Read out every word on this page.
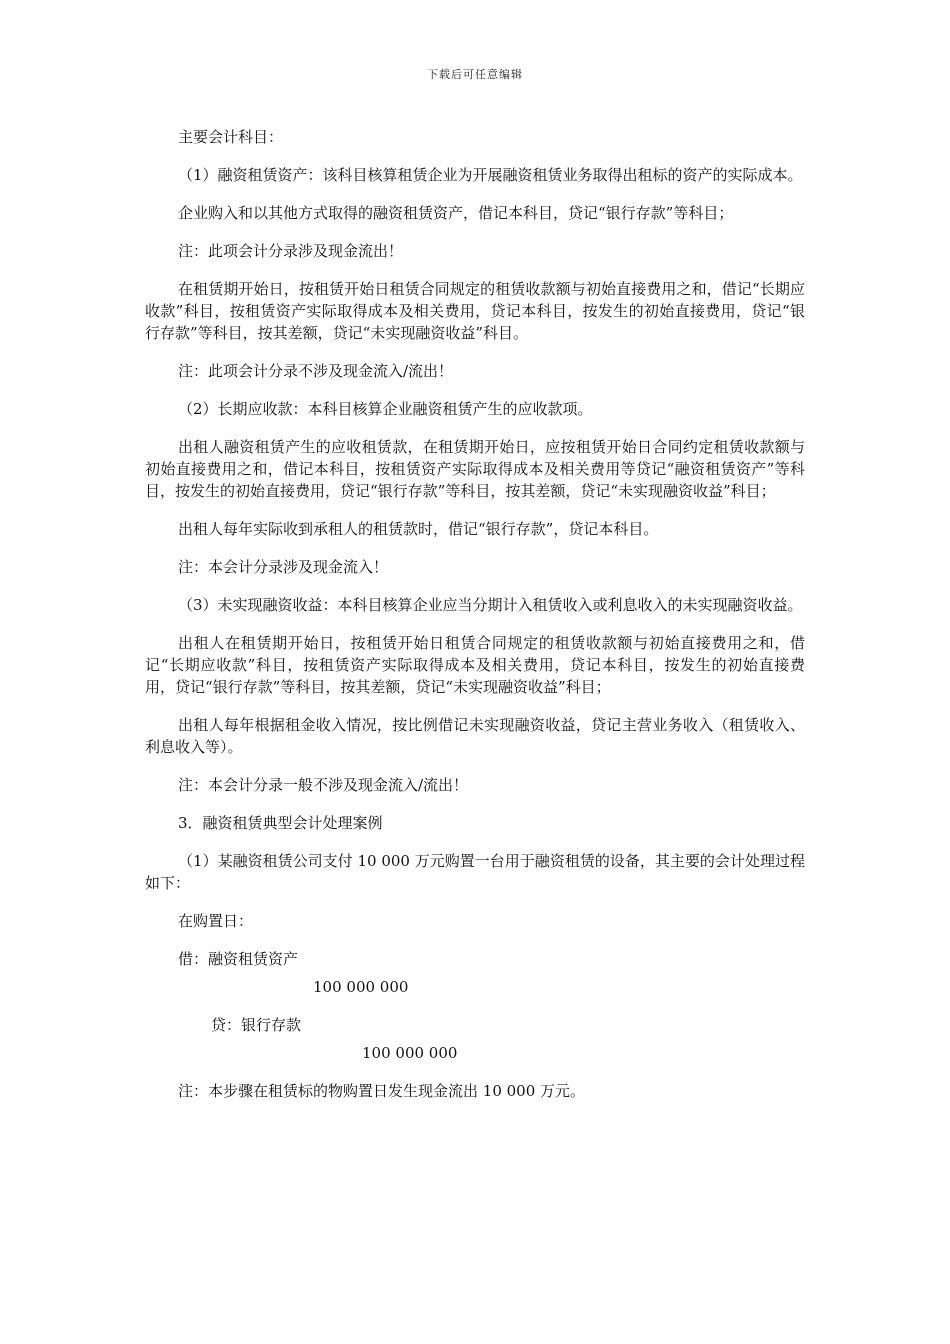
下载后可任意编辑

主要会计科目：

（1）融资租赁资产：该科目核算租赁企业为开展融资租赁业务取得出租标的资产的实际成本。

企业购入和以其他方式取得的融资租赁资产，借记本科目，贷记“银行存款”等科目；

注：此项会计分录涉及现金流出！

在租赁期开始日，按租赁开始日租赁合同规定的租赁收款额与初始直接费用之和，借记“长期应收款”科目，按租赁资产实际取得成本及相关费用，贷记本科目，按发生的初始直接费用，贷记“银行存款”等科目，按其差额，贷记“未实现融资收益”科目。

注：此项会计分录不涉及现金流入/流出！

（2）长期应收款：本科目核算企业融资租赁产生的应收款项。

出租人融资租赁产生的应收租赁款，在租赁期开始日，应按租赁开始日合同约定租赁收款额与初始直接费用之和，借记本科目，按租赁资产实际取得成本及相关费用等贷记“融资租赁资产”等科目，按发生的初始直接费用，贷记“银行存款”等科目，按其差额，贷记“未实现融资收益”科目；

出租人每年实际收到承租人的租赁款时，借记“银行存款”，贷记本科目。

注：本会计分录涉及现金流入！

（3）未实现融资收益：本科目核算企业应当分期计入租赁收入或利息收入的未实现融资收益。

出租人在租赁期开始日，按租赁开始日租赁合同规定的租赁收款额与初始直接费用之和，借记“长期应收款”科目，按租赁资产实际取得成本及相关费用，贷记本科目，按发生的初始直接费用，贷记“银行存款”等科目，按其差额，贷记“未实现融资收益”科目；

出租人每年根据租金收入情况，按比例借记未实现融资收益，贷记主营业务收入（租赁收入、利息收入等）。

注：本会计分录一般不涉及现金流入/流出！

3．融资租赁典型会计处理案例

（1）某融资租赁公司支付 10 000 万元购置一台用于融资租赁的设备，其主要的会计处理过程如下：

在购置日：

借：融资租赁资产

100 000 000

贷：银行存款

100 000 000

注：本步骤在租赁标的物购置日发生现金流出 10 000 万元。
